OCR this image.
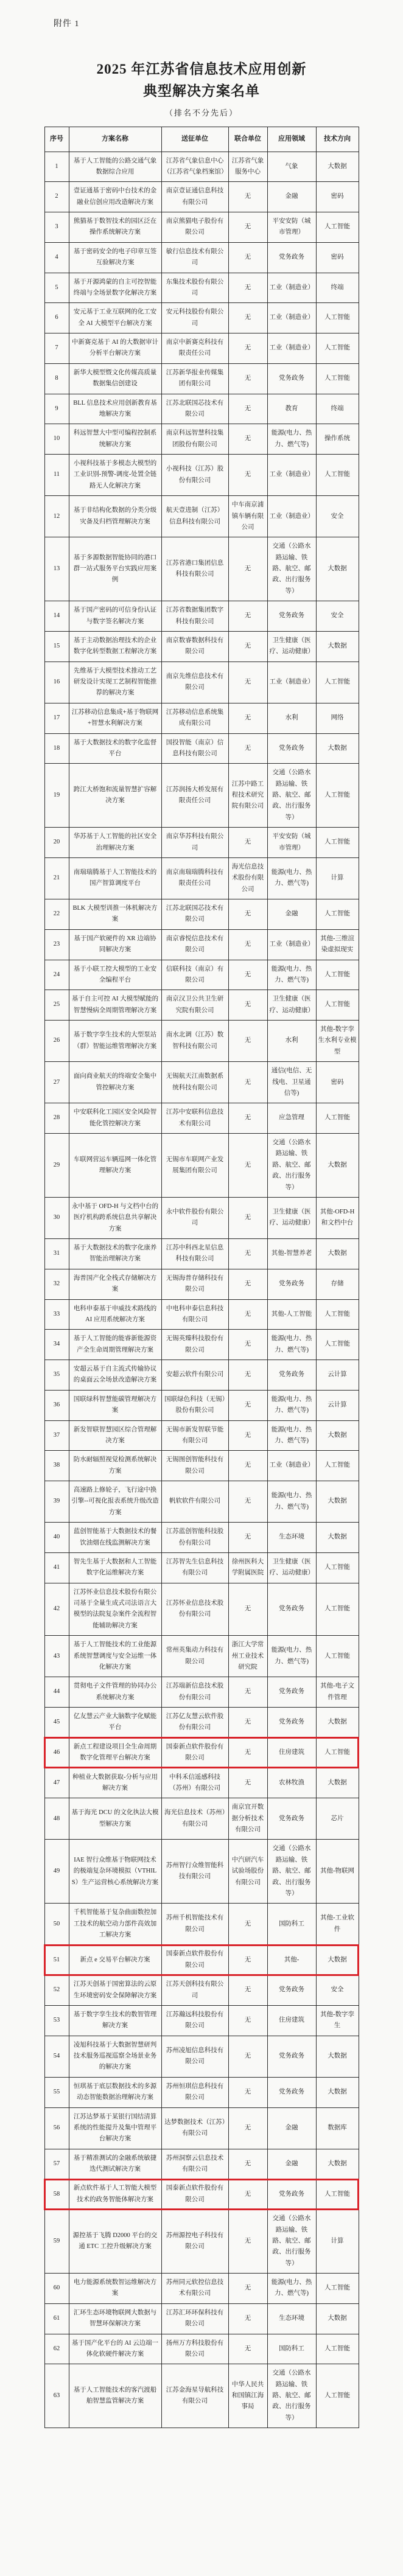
附件 1
2025 年江苏省信息技术应用创新
典型解决方案名单
（排名不分先后）
序号	方案名称	送征单位	联合单位	应用领域	技术方向
1	基于人工智能的公路交通气象数据综合应用	江苏省气象信息中心（江苏省气象档案馆）	江苏省气象服务中心	气象	大数据
2	壹证通基于密码中台技术的金融业信创应用改造解决方案	南京壹证通信息科技有限公司	无	金融	密码
3	熊猫基于数智技术的园区泛在操作系统解决方案	南京熊猫电子股份有限公司	无	平安安防（城市管理）	人工智能
4	基于密码安全的电子印章互签互验解决方案	敏行信息技术有限公司	无	党务政务	密码
5	基于开源鸿蒙的自主可控智能终端与全场景数字化解决方案	东集技术股份有限公司	无	工业（制造业）	终端
6	安元基于工业互联网的化工安全 AI 大模型平台解决方案	安元科技股份有限公司	无	工业（制造业）	人工智能
7	中新赛克基于 AI 的大数据审计分析平台解决方案	南京中新赛克科技有限责任公司	无	工业（制造业）	人工智能
8	新华大模型暨文化传媒高质量数据集信创建设	江苏新华报业传媒集团有限公司	无	党务政务	人工智能
9	BLL 信息技术应用创新教育基地解决方案	江苏北联国芯技术有限公司	无	教育	终端
10	科远智慧大中型可编程控制系统解决方案	南京科远智慧科技集团股份有限公司	无	能源(电力、热力、燃气等)	操作系统
11	小视科技基于多模态大模型的工业识别-预警-调度-处置全链路无人化解决方案	小视科技（江苏）股份有限公司	无	工业（制造业）	人工智能
12	基于非结构化数据的分类分级灾备及归档管理解决方案	航天壹进制（江苏）信息科技有限公司	中车南京浦镇车辆有限公司	工业（制造业）	安全
13	基于多源数据智能协同的港口群一站式服务平台实践应用案例	江苏省港口集团信息科技有限公司	无	交通（公路水路运输、铁路、航空、邮政、出行服务等）	大数据
14	基于国产密码的可信身份认证与数字签名解决方案	江苏省数据集团数字科技有限公司	无	党务政务	安全
15	基于主动数据治理技术的企业数字化转型数据工程解决方案	南京数睿数据科技有限公司	无	卫生健康（医疗、运动健康）	大数据
16	先维基于大模型技术推动工艺研发设计实现工艺制程智能推荐的解决方案	南京先维信息技术有限公司	无	工业（制造业）	人工智能
17	江苏移动信息集成+基于物联网+智慧水利解决方案	江苏移动信息系统集成有限公司	无	水利	网络
18	基于大数据技术的数字化监督平台	国投智能（南京）信息科技有限公司	无	党务政务	大数据
19	跨江大桥饱和流量智慧扩容解决方案	江苏润扬大桥发展有限责任公司	江苏中路工程技术研究院有限公司	交通（公路水路运输、铁路、航空、邮政、出行服务等）	人工智能
20	华苏基于人工智能的社区安全治理解决方案	南京华苏科技有限公司	无	平安安防（城市管理）	人工智能
21	南瑞瑞腾基于人工智能技术的国产智算调度平台	南京南瑞瑞腾科技有限责任公司	海光信息技术股份有限公司	能源(电力、热力、燃气等)	计算
22	BLK 大模型训推一体机解决方案	江苏北联国芯技术有限公司	无	金融	人工智能
23	基于国产软硬件的 XR 边端协同解决方案	南京睿悦信息技术有限公司	无	工业（制造业）	其他-三维渲染虚拟现实
24	基于小联工控大模型的工业安全编程平台	信联科技（南京）有限公司	无	能源(电力、热力、燃气等)	人工智能
25	基于自主可控 AI 大模型赋能的智慧慢病全周期管理解决方案	南京汉卫公共卫生研究院有限公司	无	卫生健康（医疗、运动健康）	人工智能
26	基于数字孪生技术的大型泵站（群）智能运维管理解决方案	南水北调（江苏）数智科技有限公司	无	水利	其他-数字孪生水利专业模型
27	面向商业航天的终端安全集中管控解决方案	无锡航天江南数据系统科技有限公司	无	通信(电信、无线电、卫星通信等)	密码
28	中安联科化工园区安全风险智能化管控解决方案	江苏中安联科信息技术有限公司	无	应急管理	人工智能
29	车联网营运车辆巡网一体化管理解决方案	无锡市车联网产业发展集团有限公司	无	交通（公路水路运输、铁路、航空、邮政、出行服务等）	大数据
30	永中基于 OFD-H 与文档中台的医疗机构跨系统信息共享解决方案	永中软件股份有限公司	无	卫生健康（医疗、运动健康）	其他-OFD-H 和文档中台
31	基于大数据技术的数字化康养智能治理解决方案	江苏中科西北星信息科技有限公司	无	其他-智慧养老	大数据
32	海普国产化全栈式存储解决方案	无锡海普存储科技有限公司	无	党务政务	存储
33	电科申泰基于申威技术路线的 AI 应用系统解决方案	中电科申泰信息科技有限公司	无	其他-人工智能	人工智能
34	基于人工智能的能睿新能源资产全生命周期管理解决方案	无锡英臻科技股份有限公司	无	能源(电力、热力、燃气等)	人工智能
35	安超云基于自主流式传输协议的桌面云全场景改造解决方案	安超云软件有限公司	无	党务政务	云计算
36	国联绿科智慧能碳管理解决方案	国联绿色科技（无锡）股份有限公司	无	能源(电力、热力、燃气等)	云计算
37	新发智联智慧园区综合管理解决方案	无锡市新发智联节能有限公司	无	能源(电力、热力、燃气等)	大数据
38	防水耐辐照视觉检测系统解决方案	无锡图创智能科技有限公司	无	工业（制造业）	人工智能
39	高速路上修轮子，飞行途中换引擎--可视化报表系统升级改造方案	帆软软件有限公司	无	能源(电力、热力、燃气等)	大数据
40	蓝创智能基于大数据技术的餐饮油烟在线监测解决方案	江苏蓝创智能科技股份有限公司	无	生态环境	大数据
41	智先生基于大数据和人工智能数字化运维解决方案	江苏智先生信息科技有限公司	徐州医科大学附属医院	卫生健康（医疗、运动健康）	人工智能
42	江苏怀业信息技术股份有限公司基于全量生成式司法语言大模型的法院复杂案件全流程智能辅助解决方案	江苏怀业信息技术股份有限公司	无	党务政务	人工智能
43	基于人工智能技术的工业能源系统智慧调度与安全运维一体化解决方案	常州英集动力科技有限公司	浙江大学常州工业技术研究院	能源(电力、热力、燃气等)	人工智能
44	贯彻电子文件管理的协同办公系统解决方案	江苏瑞新信息技术股份有限公司	无	党务政务	其他-电子文件管理
45	亿友慧云产业大脑数字化赋能平台	江苏亿友慧云软件股份有限公司	无	党务政务	大数据
46	新点工程建设项目全生命周期数字化管理平台解决方案	国泰新点软件股份有限公司	无	住房建筑	人工智能
47	种植业大数据获取-分析与应用解决方案	中科禾信遥感科技（苏州）有限公司	无	农林牧渔	大数据
48	基于海光 DCU 的文化执法大模型解决方案	海光信息技术（苏州）有限公司	南京宜开数据分析技术有限公司	党务政务	芯片
49	IAE 智行众维基于物联网技术的极端复杂环境模拟（VTHILS）生产运营核心系统解决方案	苏州智行众维智能科技有限公司	中汽研汽车试验场股份有限公司	交通（公路水路运输、铁路、航空、邮政、出行服务等）	其他-物联网
50	千机智能基于复杂曲面数控加工技术的航空动力部件高效加工解决方案	苏州千机智能技术有限公司	无	国防科工	其他-工业软件
51	新点 e 交易平台解决方案	国泰新点软件股份有限公司	无	其他-	大数据
52	江苏天创基于国密算法的云原生环境密码安全保障解决方案	江苏天创科技有限公司	无	党务政务	安全
53	基于数字孪生技术的数智管理解决方案	江苏瀚远科技股份有限公司	无	住房建筑	其他-数字孪生
54	凌旭科技基于大数据智慧研判技术服务巡视巡察全场景业务的解决方案	苏州凌旭信息科技有限公司	无	党务政务	大数据
55	恒琪基于底层数据技术的多源动态智能数据治理解决方案	苏州恒琪信息科技有限公司	无	党务政务	大数据
56	江苏达梦基于某银行国结清算系统的性能提升及集中管理平台解决方案	达梦数据技术（江苏）有限公司	无	金融	数据库
57	基于精准测试的金融系统敏捷迭代测试解决方案	苏州洞察云信息技术有限公司	无	金融	大数据
58	新点软件基于人工智能大模型技术的政务智能体解决方案	国泰新点软件股份有限公司	无	党务政务	人工智能
59	源控基于飞腾 D2000 平台的交通 ETC 工控升级解决方案	苏州源控电子科技有限公司	无	交通（公路水路运输、铁路、航空、邮政、出行服务等）	计算
60	电力能源系统数智运维解决方案	苏州同元软控信息技术有限公司	无	能源(电力、热力、燃气等)	人工智能
61	汇环生态环境物联网大数据与智慧环保解决方案	江苏汇环环保科技有限公司	无	生态环境	大数据
62	基于国产化平台的 AI 云边端一体化软硬件解决方案	扬州万方科技股份有限公司	无	国防科工	人工智能
63	基于人工智能技术的客汽渡船舶智慧监管解决方案	江苏金海星导航科技有限公司	中华人民共和国镇江海事局	交通（公路水路运输、铁路、航空、邮政、出行服务等）	人工智能
